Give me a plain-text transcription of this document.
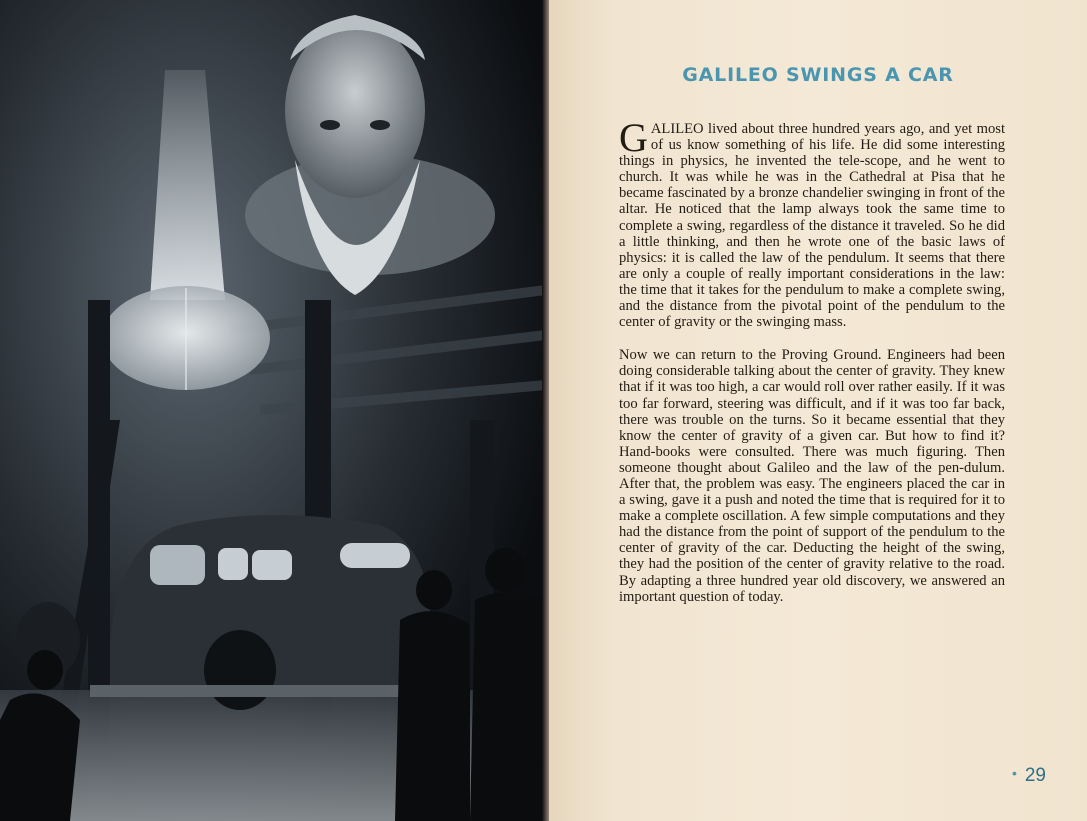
GALILEO SWINGS A CAR

GALILEO lived about three hundred years ago, and yet most of us know something of his life. He did some interesting things in physics, he invented the tele-scope, and he went to church. It was while he was in the Cathedral at Pisa that he became fascinated by a bronze chandelier swinging in front of the altar. He noticed that the lamp always took the same time to complete a swing, regardless of the distance it traveled. So he did a little thinking, and then he wrote one of the basic laws of physics: it is called the law of the pendulum. It seems that there are only a couple of really important considerations in the law: the time that it takes for the pendulum to make a complete swing, and the distance from the pivotal point of the pendulum to the center of gravity or the swinging mass.

Now we can return to the Proving Ground. Engineers had been doing considerable talking about the center of gravity. They knew that if it was too high, a car would roll over rather easily. If it was too far forward, steering was difficult, and if it was too far back, there was trouble on the turns. So it became essential that they know the center of gravity of a given car. But how to find it? Hand-books were consulted. There was much figuring. Then someone thought about Galileo and the law of the pen-dulum. After that, the problem was easy. The engineers placed the car in a swing, gave it a push and noted the time that is required for it to make a complete oscillation. A few simple computations and they had the distance from the point of support of the pendulum to the center of gravity of the car. Deducting the height of the swing, they had the position of the center of gravity relative to the road. By adapting a three hundred year old discovery, we answered an important question of today.

• 29
